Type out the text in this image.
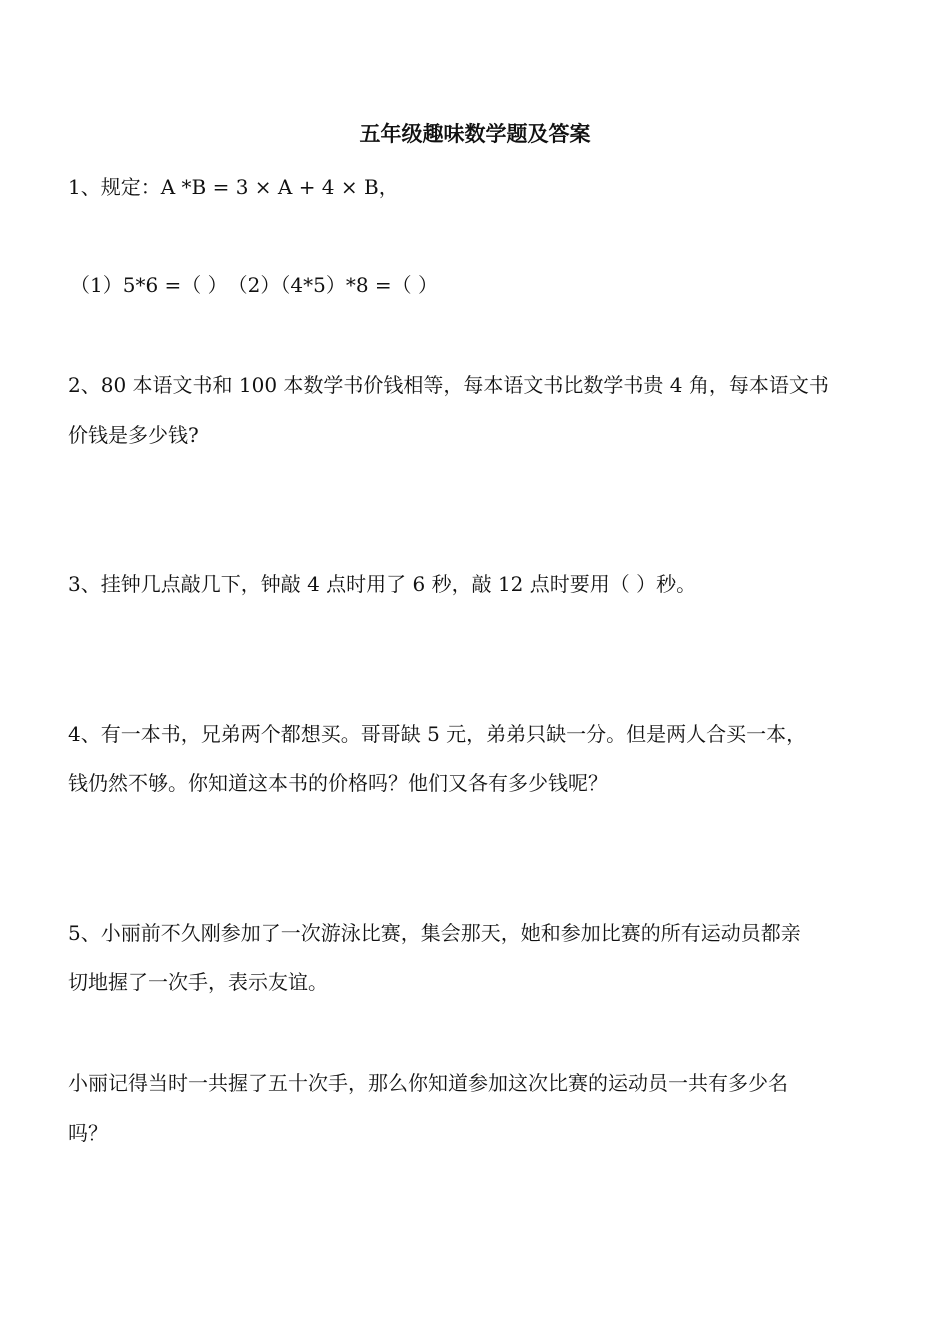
五年级趣味数学题及答案
1、规定：A *B = 3 × A + 4 × B，
（1）5*6 =（ ）　（2）（4*5）*8 =（ ）
2、80 本语文书和 100 本数学书价钱相等，每本语文书比数学书贵 4 角，每本语文书
价钱是多少钱?
3、挂钟几点敲几下，钟敲 4 点时用了 6 秒，敲 12 点时要用（ ）秒。
4、有一本书，兄弟两个都想买。哥哥缺 5 元，弟弟只缺一分。但是两人合买一本，
钱仍然不够。你知道这本书的价格吗？他们又各有多少钱呢？
5、小丽前不久刚参加了一次游泳比赛，集会那天，她和参加比赛的所有运动员都亲
切地握了一次手，表示友谊。
小丽记得当时一共握了五十次手，那么你知道参加这次比赛的运动员一共有多少名
吗？
